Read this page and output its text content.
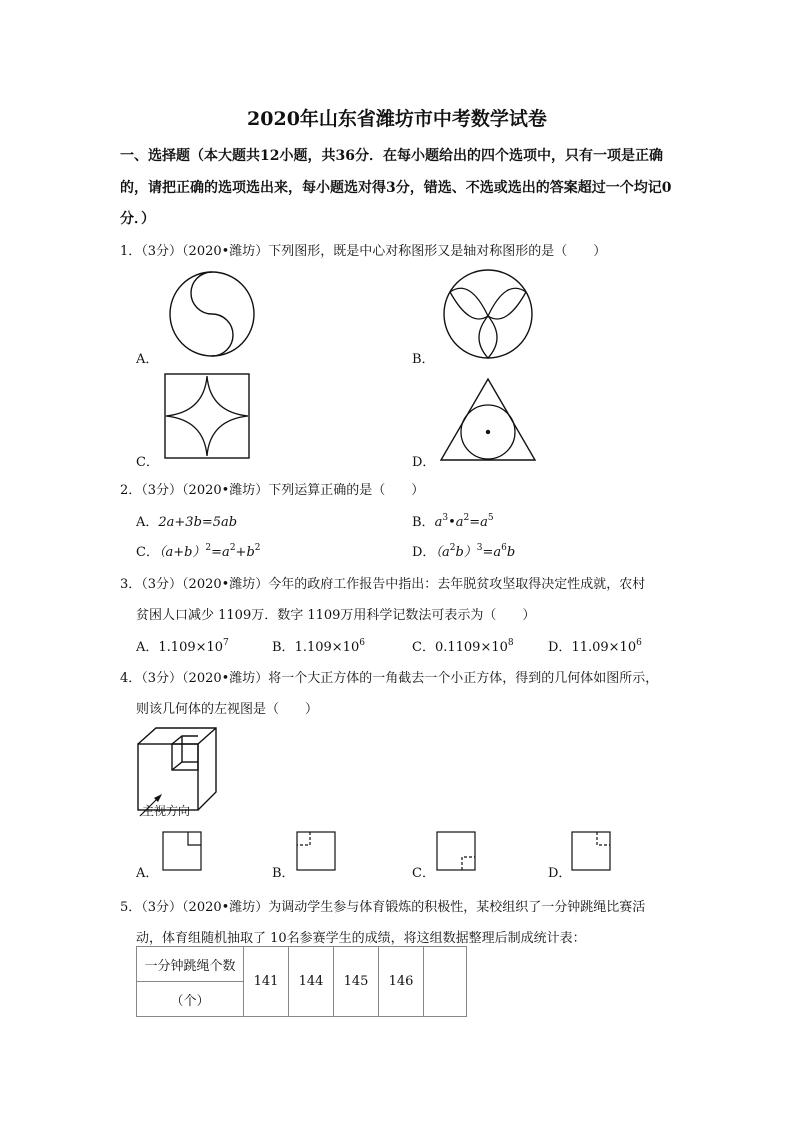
2020年山东省潍坊市中考数学试卷
一、选择题（本大题共12小题，共36分．在每小题给出的四个选项中，只有一项是正确
的，请把正确的选项选出来，每小题选对得3分，错选、不选或选出的答案超过一个均记0
分．）
1．（3分）（2020•潍坊）下列图形，既是中心对称图形又是轴对称图形的是（　　）
A．	B．
C．	D．
2．（3分）（2020•潍坊）下列运算正确的是（　　）
A．2a+3b=5ab	B．$a^3•a^2=a^5$
C．$(a+b)^2=a^2+b^2$	D．$(a^2b)^3=a^6b$
3．（3分）（2020•潍坊）今年的政府工作报告中指出：去年脱贫攻坚取得决定性成就，农村
贫困人口减少 1109万．数字 1109万用科学记数法可表示为（　　）
A．$1.109\times 10^7$	B．$1.109\times 10^6$	C．$0.1109\times 10^8$	D．$11.09\times 10^6$
4．（3分）（2020•潍坊）将一个大正方体的一角截去一个小正方体，得到的几何体如图所示，
则该几何体的左视图是（　　）
主视方向
A．	B．	C．	D．
5．（3分）（2020•潍坊）为调动学生参与体育锻炼的积极性，某校组织了一分钟跳绳比赛活
动，体育组随机抽取了 10名参赛学生的成绩，将这组数据整理后制成统计表：
一分钟跳绳个数
	141	144	145	146	
（个）
